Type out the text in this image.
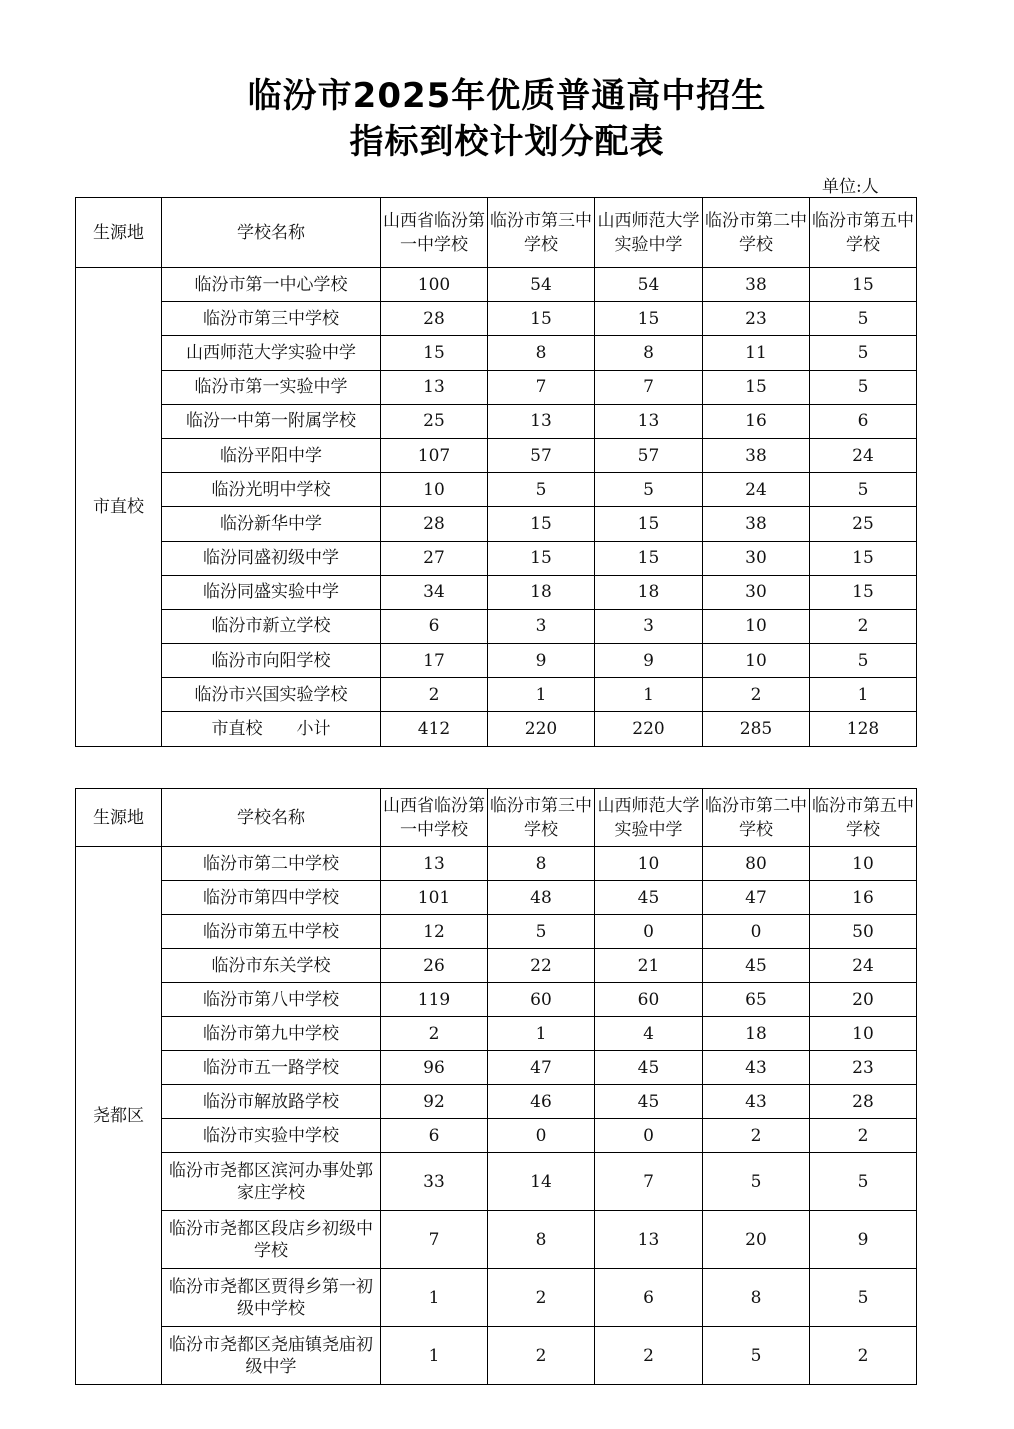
临汾市2025年优质普通高中招生
指标到校计划分配表
单位:人
生源地	学校名称	山西省临汾第一中学校	临汾市第三中学校	山西师范大学实验中学	临汾市第二中学校	临汾市第五中学校
市直校	临汾市第一中心学校	100	54	54	38	15
	临汾市第三中学校	28	15	15	23	5
	山西师范大学实验中学	15	8	8	11	5
	临汾市第一实验中学	13	7	7	15	5
	临汾一中第一附属学校	25	13	13	16	6
	临汾平阳中学	107	57	57	38	24
	临汾光明中学校	10	5	5	24	5
	临汾新华中学	28	15	15	38	25
	临汾同盛初级中学	27	15	15	30	15
	临汾同盛实验中学	34	18	18	30	15
	临汾市新立学校	6	3	3	10	2
	临汾市向阳学校	17	9	9	10	5
	临汾市兴国实验学校	2	1	1	2	1
	市直校　　小计	412	220	220	285	128
生源地	学校名称	山西省临汾第一中学校	临汾市第三中学校	山西师范大学实验中学	临汾市第二中学校	临汾市第五中学校
尧都区	临汾市第二中学校	13	8	10	80	10
	临汾市第四中学校	101	48	45	47	16
	临汾市第五中学校	12	5	0	0	50
	临汾市东关学校	26	22	21	45	24
	临汾市第八中学校	119	60	60	65	20
	临汾市第九中学校	2	1	4	18	10
	临汾市五一路学校	96	47	45	43	23
	临汾市解放路学校	92	46	45	43	28
	临汾市实验中学校	6	0	0	2	2
	临汾市尧都区滨河办事处郭家庄学校	33	14	7	5	5
	临汾市尧都区段店乡初级中学校	7	8	13	20	9
	临汾市尧都区贾得乡第一初级中学校	1	2	6	8	5
	临汾市尧都区尧庙镇尧庙初级中学	1	2	2	5	2
